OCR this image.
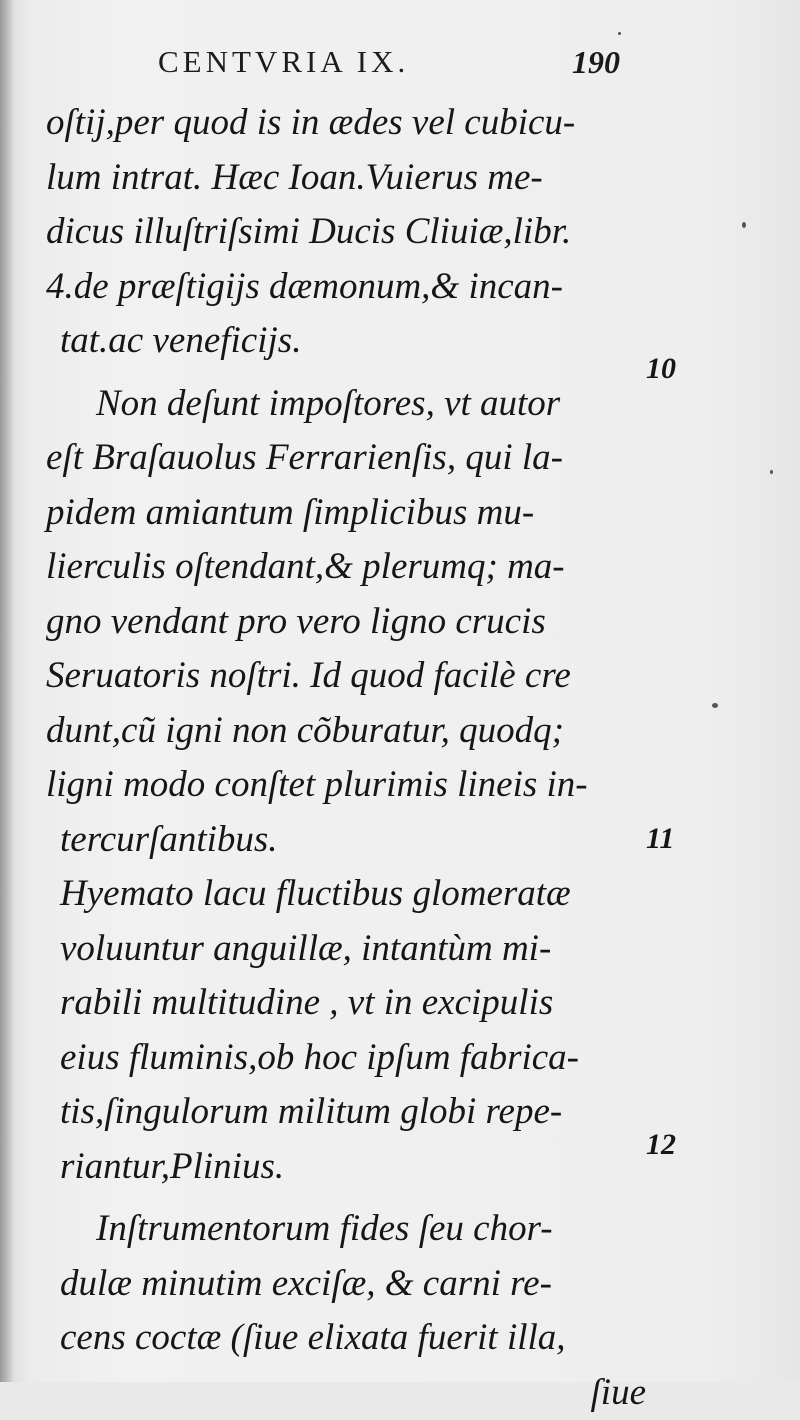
CENTVRIA IX.	190
oſtij,per quod is in ædes vel cubicu-
lum intrat. Hæc Ioan.Vuierus me-
dicus illuſtriſsimi Ducis Cliuiæ,libr.
4.de præſtigijs dæmonum,& incan-
tat.ac veneficijs.
Non deſunt impoſtores, vt autor
eſt Braſauolus Ferrarienſis, qui la-
pidem amiantum ſimplicibus mu-
lierculis oſtendant,& plerumq; ma-
gno vendant pro vero ligno crucis
Seruatoris noſtri. Id quod facilè cre
dunt,cũ igni non cõburatur, quodq;
ligni modo conſtet plurimis lineis in-
tercurſantibus.
Hyemato lacu fluctibus glomeratæ
voluuntur anguillæ, intantùm mi-
rabili multitudine , vt in excipulis
eius fluminis,ob hoc ipſum fabrica-
tis,ſingulorum militum globi repe-
riantur,Plinius.
Inſtrumentorum fides ſeu chor-
dulæ minutim exciſæ, & carni re-
cens coctæ (ſiue elixata fuerit illa,
ſiue
10
11
12
